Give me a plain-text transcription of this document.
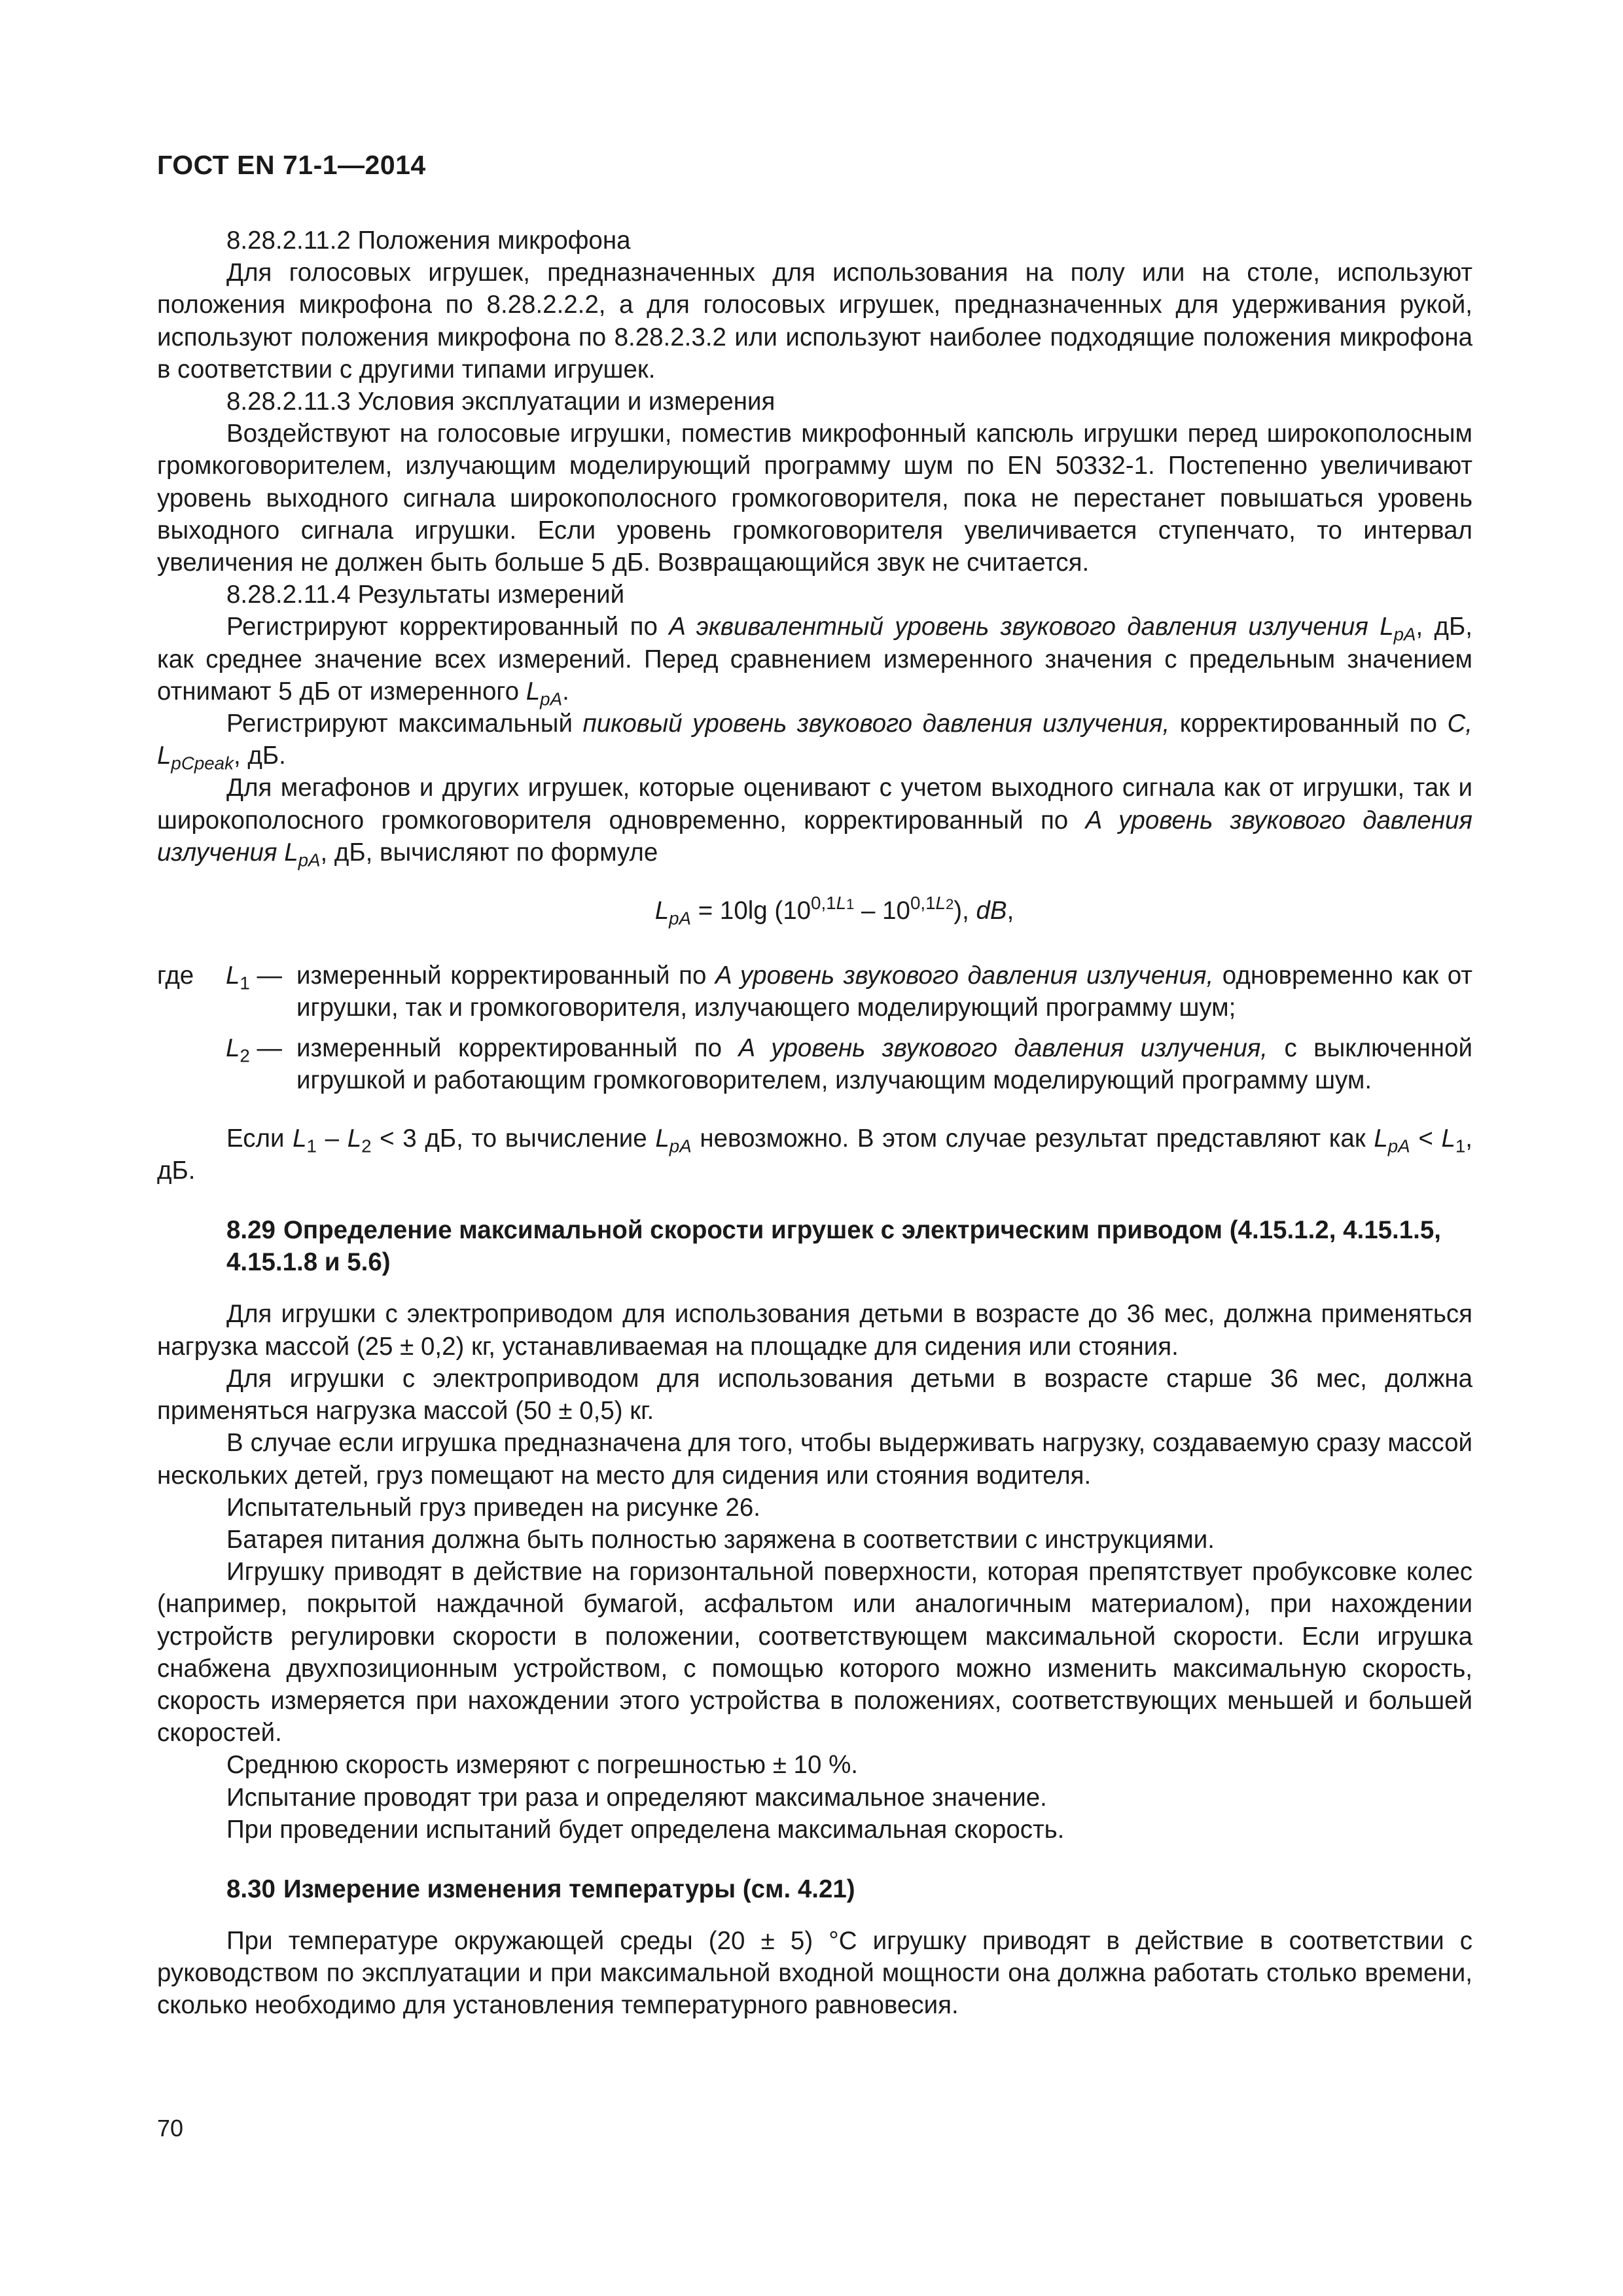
ГОСТ EN 71-1—2014

8.28.2.11.2 Положения микрофона

Для голосовых игрушек, предназначенных для использования на полу или на столе, используют положения микрофона по 8.28.2.2.2, а для голосовых игрушек, предназначенных для удерживания рукой, используют положения микрофона по 8.28.2.3.2 или используют наиболее подходящие положения микрофона в соответствии с другими типами игрушек.

8.28.2.11.3 Условия эксплуатации и измерения

Воздействуют на голосовые игрушки, поместив микрофонный капсюль игрушки перед широкополосным громкоговорителем, излучающим моделирующий программу шум по EN 50332-1. Постепенно увеличивают уровень выходного сигнала широкополосного громкоговорителя, пока не перестанет повышаться уровень выходного сигнала игрушки. Если уровень громкоговорителя увеличивается ступенчато, то интервал увеличения не должен быть больше 5 дБ. Возвращающийся звук не считается.

8.28.2.11.4 Результаты измерений

Регистрируют корректированный по A эквивалентный уровень звукового давления излучения $L_{pA}$, дБ, как среднее значение всех измерений. Перед сравнением измеренного значения с предельным значением отнимают 5 дБ от измеренного $L_{pA}$.

Регистрируют максимальный пиковый уровень звукового давления излучения, корректированный по C, $L_{pCpeak}$, дБ.

Для мегафонов и других игрушек, которые оценивают с учетом выходного сигнала как от игрушки, так и широкополосного громкоговорителя одновременно, корректированный по A уровень звукового давления излучения $L_{pA}$, дБ, вычисляют по формуле

$L_{pA} = 10\lg$ $(10^{0,1L1} - 10^{0,1L2})$, dB,

где	$L_1$ — измеренный корректированный по A уровень звукового давления излучения, одновременно как от игрушки, так и громкоговорителя, излучающего моделирующий программу шум;
$L_2$ — измеренный корректированный по A уровень звукового давления излучения, с выключенной игрушкой и работающим громкоговорителем, излучающим моделирующий программу шум.

Если $L_1 - L_2 < 3$ дБ, то вычисление $L_{pA}$ невозможно. В этом случае результат представляют как $L_{pA} < L_1$, дБ.

8.29 Определение максимальной скорости игрушек с электрическим приводом (4.15.1.2, 4.15.1.5, 4.15.1.8 и 5.6)

Для игрушки с электроприводом для использования детьми в возрасте до 36 мес, должна применяться нагрузка массой (25 ± 0,2) кг, устанавливаемая на площадке для сидения или стояния.

Для игрушки с электроприводом для использования детьми в возрасте старше 36 мес, должна применяться нагрузка массой (50 ± 0,5) кг.

В случае если игрушка предназначена для того, чтобы выдерживать нагрузку, создаваемую сразу массой нескольких детей, груз помещают на место для сидения или стояния водителя.

Испытательный груз приведен на рисунке 26.

Батарея питания должна быть полностью заряжена в соответствии с инструкциями.

Игрушку приводят в действие на горизонтальной поверхности, которая препятствует пробуксовке колес (например, покрытой наждачной бумагой, асфальтом или аналогичным материалом), при нахождении устройств регулировки скорости в положении, соответствующем максимальной скорости. Если игрушка снабжена двухпозиционным устройством, с помощью которого можно изменить максимальную скорость, скорость измеряется при нахождении этого устройства в положениях, соответствующих меньшей и большей скоростей.

Среднюю скорость измеряют с погрешностью ± 10 %.

Испытание проводят три раза и определяют максимальное значение.

При проведении испытаний будет определена максимальная скорость.

8.30 Измерение изменения температуры (см. 4.21)

При температуре окружающей среды (20 ± 5) °С игрушку приводят в действие в соответствии с руководством по эксплуатации и при максимальной входной мощности она должна работать столько времени, сколько необходимо для установления температурного равновесия.

70
